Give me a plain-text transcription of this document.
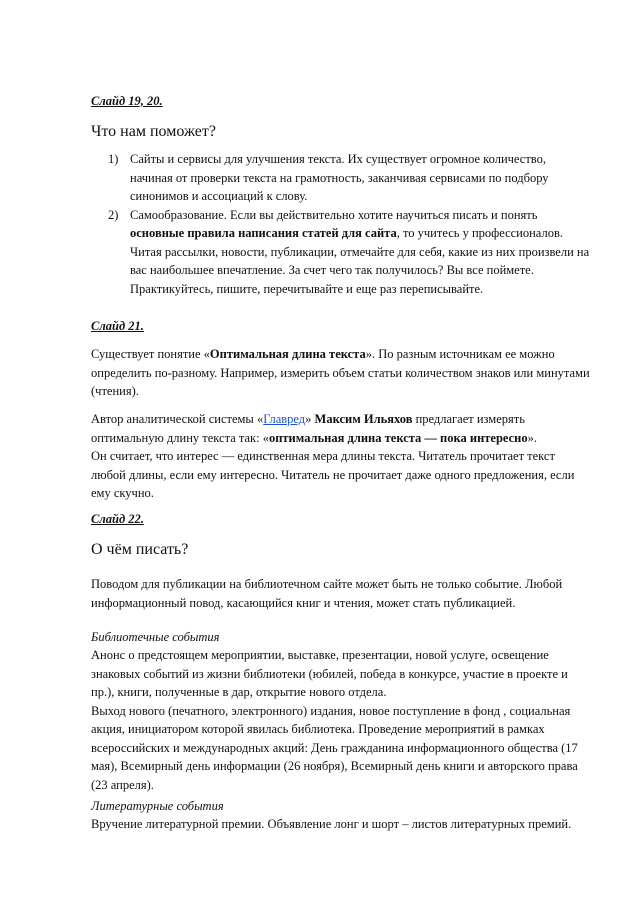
Слайд 19, 20.

Что нам поможет?

1) Сайты и сервисы для улучшения текста. Их существует огромное количество, начиная от проверки текста на грамотность, заканчивая сервисами по подбору синонимов и ассоциаций к слову.
2) Самообразование. Если вы действительно хотите научиться писать и понять основные правила написания статей для сайта, то учитесь у профессионалов. Читая рассылки, новости, публикации, отмечайте для себя, какие из них произвели на вас наибольшее впечатление. За счет чего так получилось? Вы все поймете. Практикуйтесь, пишите, перечитывайте и еще раз переписывайте.

Слайд 21.

Существует понятие «Оптимальная длина текста». По разным источникам ее можно определить по-разному. Например, измерить объем статьи количеством знаков или минутами (чтения).

Автор аналитической системы «Главред» Максим Ильяхов предлагает измерять оптимальную длину текста так: «оптимальная длина текста — пока интересно».
Он считает, что интерес — единственная мера длины текста. Читатель прочитает текст любой длины, если ему интересно. Читатель не прочитает даже одного предложения, если ему скучно.

Слайд 22.

О чём писать?

Поводом для публикации на библиотечном сайте может быть не только событие. Любой информационный повод, касающийся книг и чтения, может стать публикацией.

Библиотечные события

Анонс о предстоящем мероприятии, выставке, презентации, новой услуге, освещение знаковых событий из жизни библиотеки (юбилей, победа в конкурсе, участие в проекте и пр.), книги, полученные в дар, открытие нового отдела.
Выход нового (печатного, электронного) издания, новое поступление в фонд , социальная акция, инициатором которой явилась библиотека. Проведение мероприятий в рамках всероссийских и международных акций: День гражданина информационного общества (17 мая), Всемирный день информации (26 ноября), Всемирный день книги и авторского права (23 апреля).

Литературные события

Вручение литературной премии. Объявление лонг и шорт – листов литературных премий.
